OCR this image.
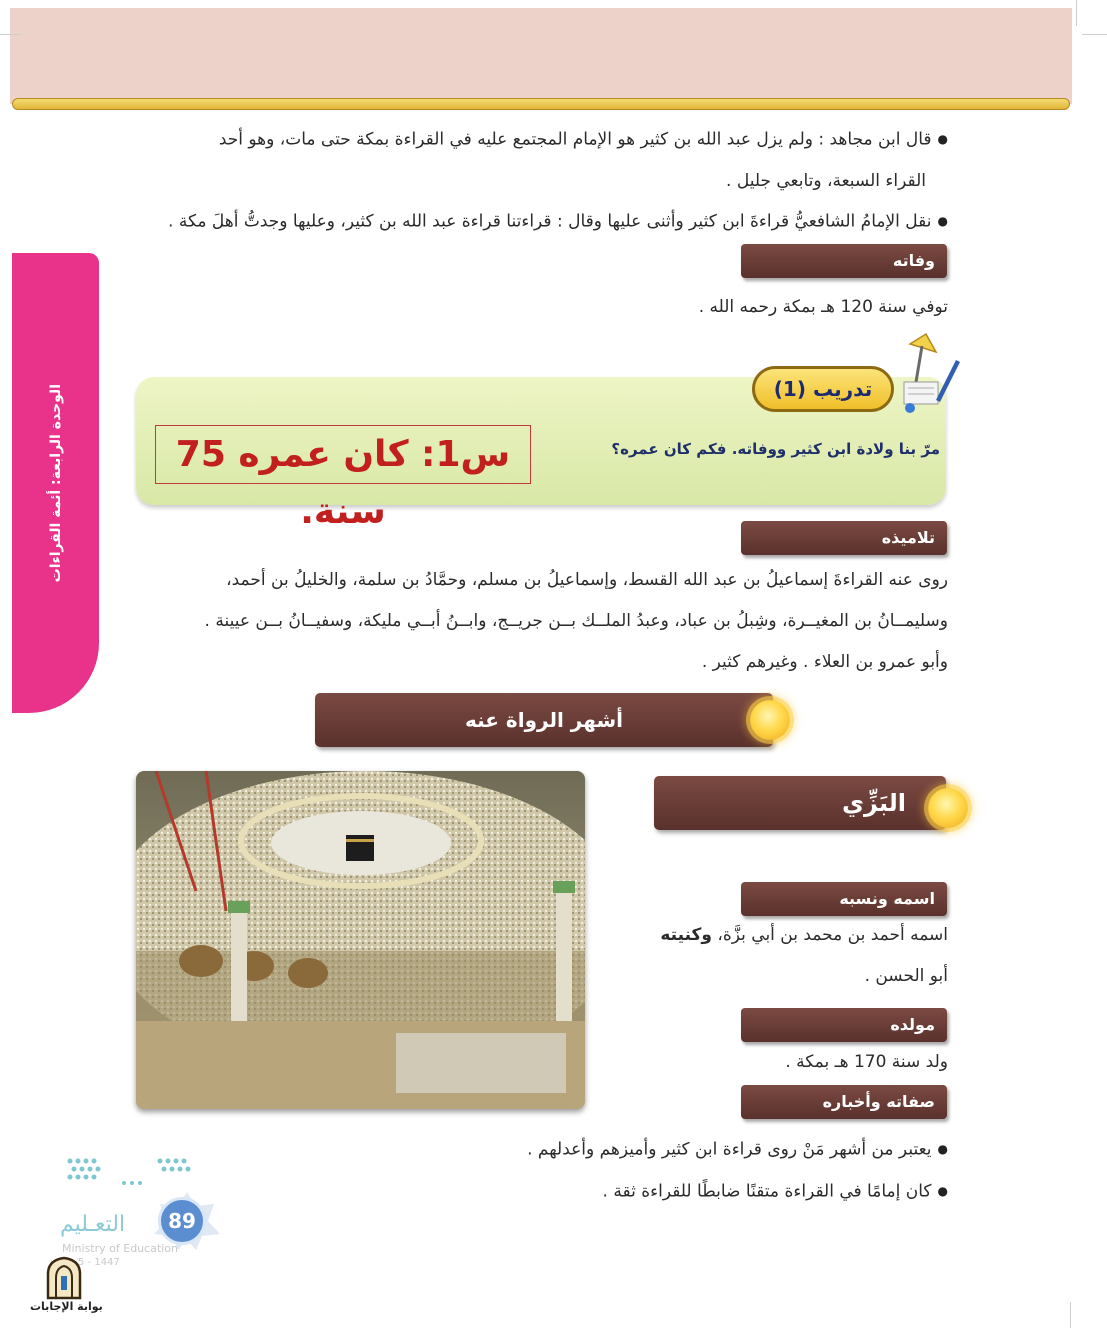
الوحدة الرابعة: أئمة القراءات
● قال ابن مجاهد : ولم يزل عبد الله بن كثير هو الإمام المجتمع عليه في القراءة بمكة حتى مات، وهو أحد
القراء السبعة، وتابعي جليل .
● نقل الإمامُ الشافعيُّ قراءةَ ابن كثير وأثنى عليها وقال : قراءتنا قراءة عبد الله بن كثير، وعليها وجدتُّ أهلَ مكة .
وفاته
توفي سنة 120 هـ بمكة رحمه الله .
تدريب (1)
مرّ بنا ولادة ابن كثير ووفاته. فكم كان عمره؟
س1: كان عمره 75 سنة.
تلاميذه
روى عنه القراءةَ إسماعيلُ بن عبد الله القسط، وإسماعيلُ بن مسلم، وحمَّادُ بن سلمة، والخليلُ بن أحمد،
وسليمــانُ بن المغيــرة، وشِبلُ بن عباد، وعبدُ الملــك بــن جريــج، وابــنُ أبــي مليكة، وسفيــانُ بــن عيينة .
وأبو عمرو بن العلاء . وغيرهم كثير .
أشهر الرواة عنه
البَزِّي
اسمه ونسبه
اسمه أحمد بن محمد بن أبي بزَّة، وكنيته
أبو الحسن .
مولده
ولد سنة 170 هـ بمكة .
صفاته وأخباره
● يعتبر من أشهر مَنْ روى قراءة ابن كثير وأميزهم وأعدلهم .
● كان إمامًا في القراءة متقنًا ضابطًا للقراءة ثقة .
التعـليم	89
Ministry of Education
5 - 1447
بوابة الإجابات
